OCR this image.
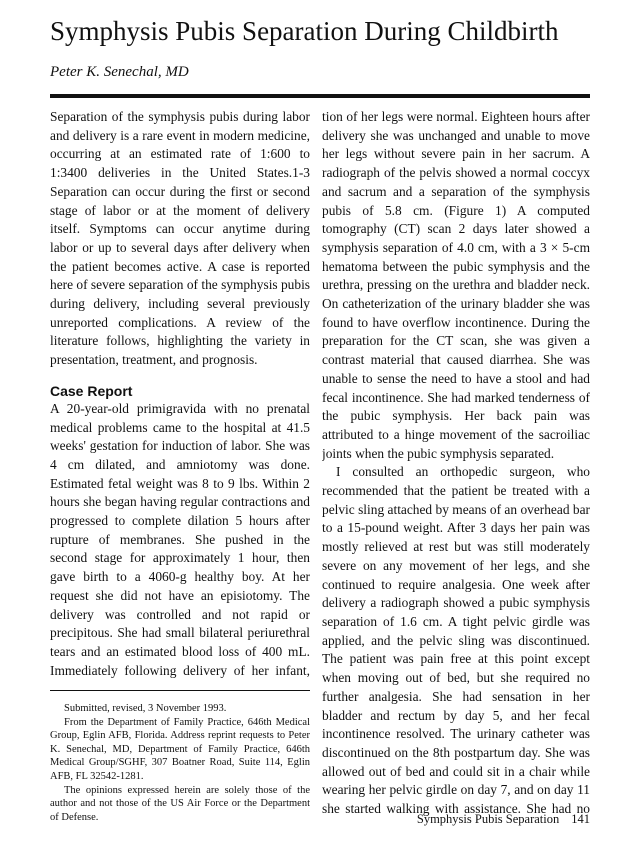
Symphysis Pubis Separation During Childbirth
Peter K. Senechal, MD

Separation of the symphysis pubis during labor and delivery is a rare event in modern medicine, occurring at an estimated rate of 1:600 to 1:3400 deliveries in the United States.1-3 Separation can occur during the first or second stage of labor or at the moment of delivery itself. Symptoms can occur anytime during labor or up to several days after delivery when the patient becomes active. A case is reported here of severe separation of the symphysis pubis during delivery, including several previously unreported complications. A review of the literature follows, highlighting the variety in presentation, treatment, and prognosis.

Case Report

A 20-year-old primigravida with no prenatal medical problems came to the hospital at 41.5 weeks' gestation for induction of labor. She was 4 cm dilated, and amniotomy was done. Estimated fetal weight was 8 to 9 lbs. Within 2 hours she began having regular contractions and progressed to complete dilation 5 hours after rupture of membranes. She pushed in the second stage for approximately 1 hour, then gave birth to a 4060-g healthy boy. At her request she did not have an episiotomy. The delivery was controlled and not rapid or precipitous. She had small bilateral periurethral tears and an estimated blood loss of 400 mL. Immediately following delivery of her infant,

Submitted, revised, 3 November 1993.

From the Department of Family Practice, 646th Medical Group, Eglin AFB, Florida. Address reprint requests to Peter K. Senechal, MD, Department of Family Practice, 646th Medical Group/SGHF, 307 Boatner Road, Suite 114, Eglin AFB, FL 32542-1281.

The opinions expressed herein are solely those of the author and not those of the US Air Force or the Department of Defense.

tion of her legs were normal. Eighteen hours after delivery she was unchanged and unable to move her legs without severe pain in her sacrum. A radiograph of the pelvis showed a normal coccyx and sacrum and a separation of the symphysis pubis of 5.8 cm. (Figure 1) A computed tomography (CT) scan 2 days later showed a symphysis separation of 4.0 cm, with a 3 × 5-cm hematoma between the pubic symphysis and the urethra, pressing on the urethra and bladder neck. On catheterization of the urinary bladder she was found to have overflow incontinence. During the preparation for the CT scan, she was given a contrast material that caused diarrhea. She was unable to sense the need to have a stool and had fecal incontinence. She had marked tenderness of the pubic symphysis. Her back pain was attributed to a hinge movement of the sacroiliac joints when the pubic symphysis separated.

I consulted an orthopedic surgeon, who recommended that the patient be treated with a pelvic sling attached by means of an overhead bar to a 15-pound weight. After 3 days her pain was mostly relieved at rest but was still moderately severe on any movement of her legs, and she continued to require analgesia. One week after delivery a radiograph showed a pubic symphysis separation of 1.6 cm. A tight pelvic girdle was applied, and the pelvic sling was discontinued. The patient was pain free at this point except when moving out of bed, but she required no further analgesia. She had sensation in her bladder and rectum by day 5, and her fecal incontinence resolved. The urinary catheter was discontinued on the 8th postpartum day. She was allowed out of bed and could sit in a chair while wearing her pelvic girdle on day 7, and on day 11 she started walking with assistance. She had no

Symphysis Pubis Separation 141
